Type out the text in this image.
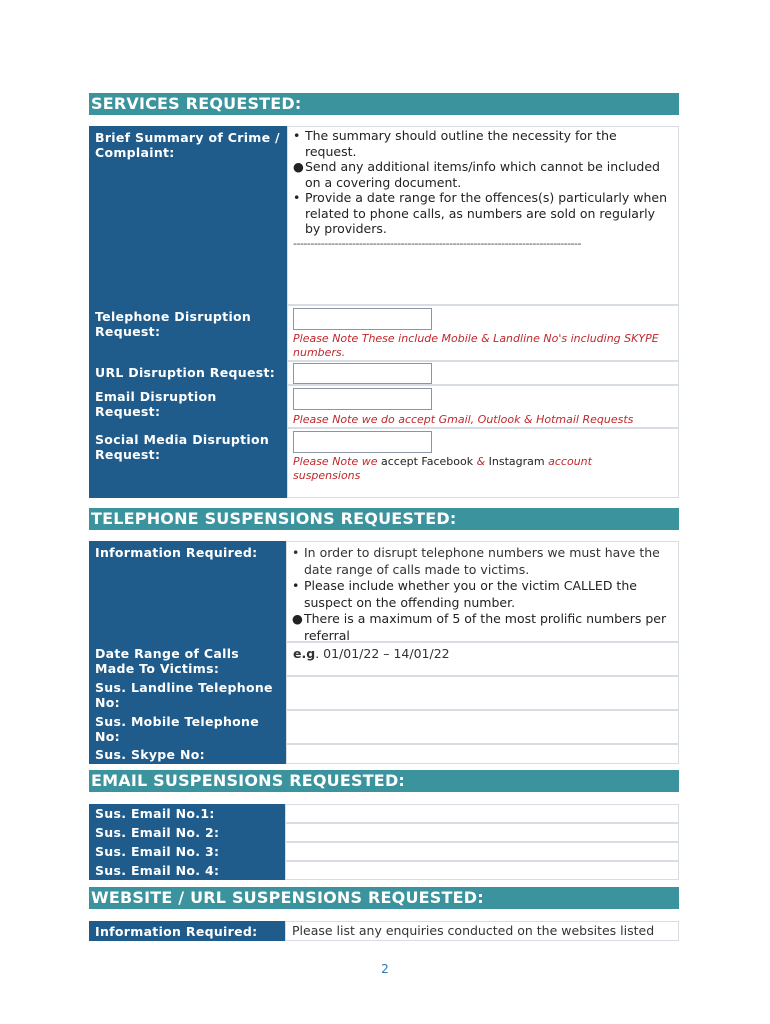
SERVICES REQUESTED:
Brief Summary of Crime / Complaint:
• The summary should outline the necessity for the request.
● Send any additional items/info which cannot be included on a covering document.
• Provide a date range for the offences(s) particularly when related to phone calls, as numbers are sold on regularly by providers.
-----------------------------------------------------------------------------------
Telephone Disruption Request:	Please Note These include Mobile & Landline No's including SKYPE numbers.
URL Disruption Request:
Email Disruption Request:
Please Note we do accept Gmail, Outlook & Hotmail Requests
Social Media Disruption Request:	Please Note we accept Facebook & Instagram account suspensions
TELEPHONE SUSPENSIONS REQUESTED:
Information Required:	• In order to disrupt telephone numbers we must have the date range of calls made to victims.
• Please include whether you or the victim CALLED the suspect on the offending number.
● There is a maximum of 5 of the most prolific numbers per referral
Date Range of Calls Made To Victims:
e.g. 01/01/22 – 14/01/22
Sus. Landline Telephone No:
Sus. Mobile Telephone No:
Sus. Skype No:
EMAIL SUSPENSIONS REQUESTED:
Sus. Email No.1:
Sus. Email No. 2:
Sus. Email No. 3:
Sus. Email No. 4:
WEBSITE / URL SUSPENSIONS REQUESTED:
Information Required:	Please list any enquiries conducted on the websites listed
2
